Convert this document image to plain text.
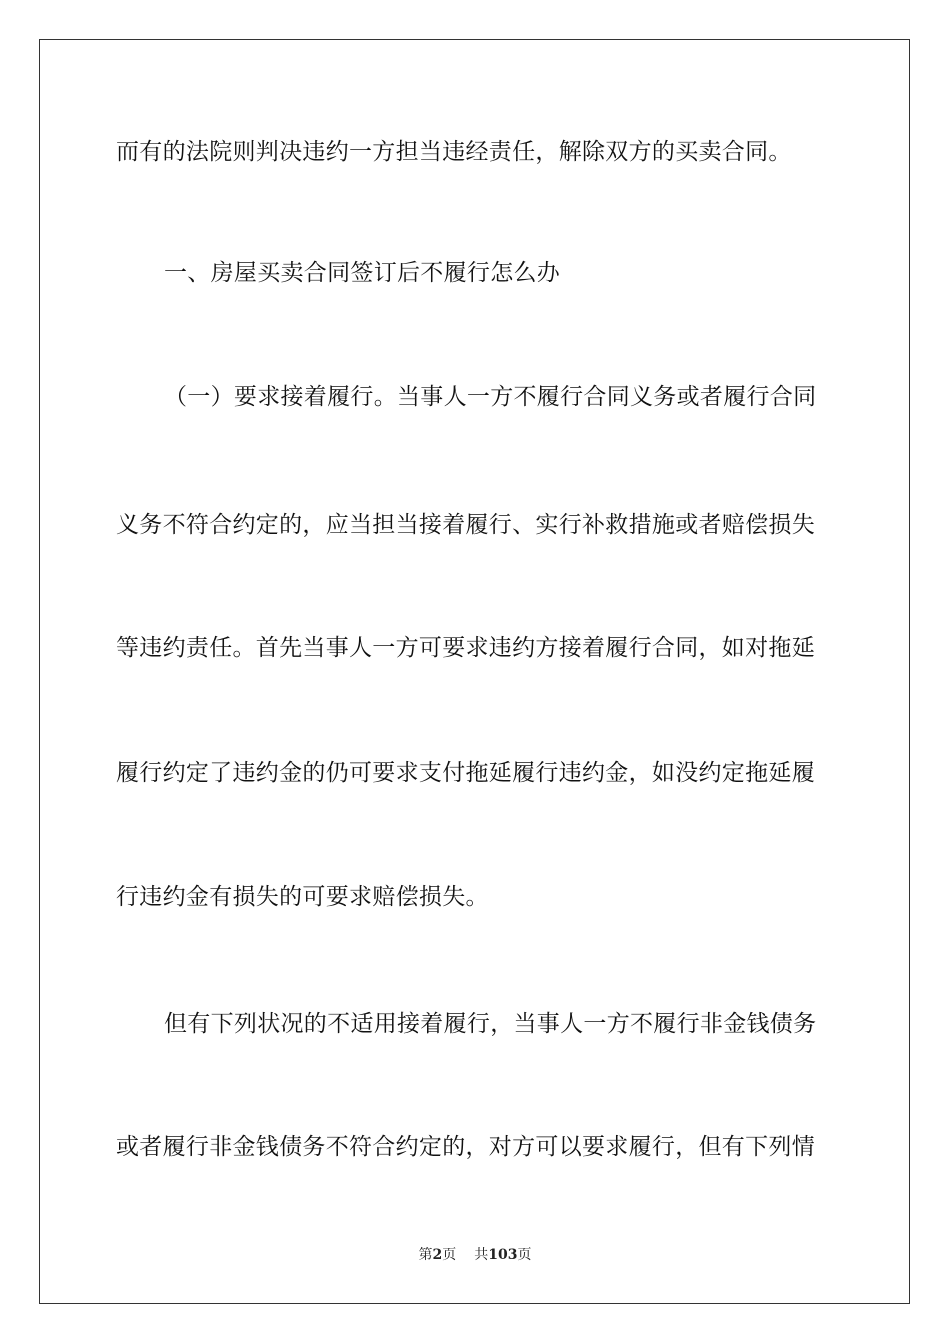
而有的法院则判决违约一方担当违经责任，解除双方的买卖合同。
一、房屋买卖合同签订后不履行怎么办
（一）要求接着履行。当事人一方不履行合同义务或者履行合同
义务不符合约定的，应当担当接着履行、实行补救措施或者赔偿损失
等违约责任。首先当事人一方可要求违约方接着履行合同，如对拖延
履行约定了违约金的仍可要求支付拖延履行违约金，如没约定拖延履
行违约金有损失的可要求赔偿损失。
但有下列状况的不适用接着履行，当事人一方不履行非金钱债务
或者履行非金钱债务不符合约定的，对方可以要求履行，但有下列情
第2页 共103页
